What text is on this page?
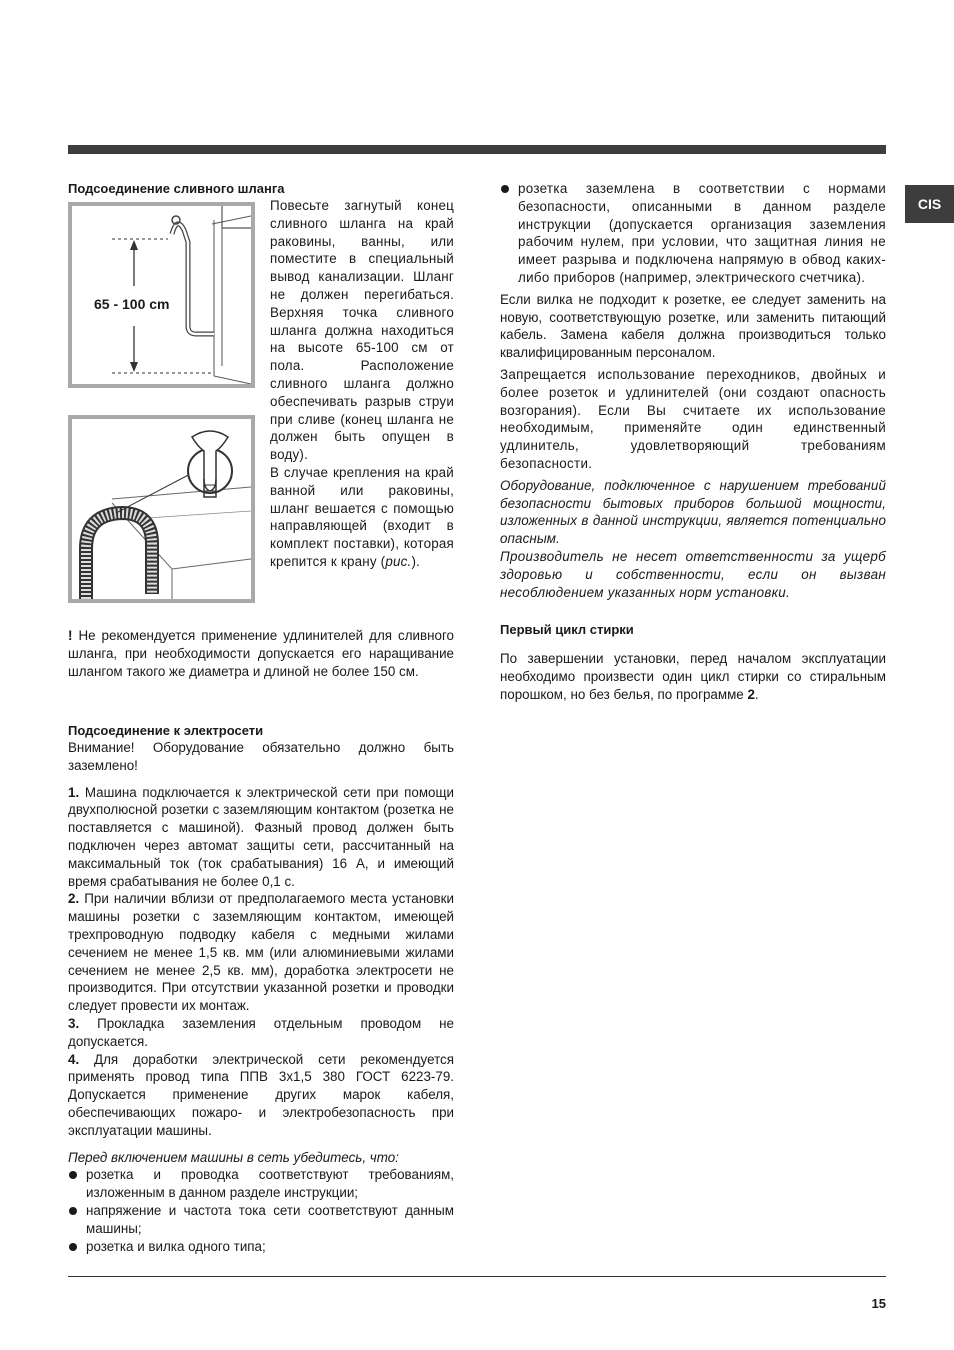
CIS

Подсоединение сливного шланга

65 - 100 cm

Повесьте загнутый конец сливного шланга на край раковины, ванны, или поместите в специальный вывод канализации. Шланг не должен перегибаться. Верхняя точка сливного шланга должна находиться на высоте 65-100 см от пола. Расположение сливного шланга должно обеспечивать разрыв струи при сливе (конец шланга не должен быть опущен в воду).

В случае крепления на край ванной или раковины, шланг вешается с помощью направляющей (входит в комплект поставки), которая крепится к крану (рис.).

! Не рекомендуется применение удлинителей для сливного шланга, при необходимости допускается его наращивание шлангом такого же диаметра и длиной не более 150 см.

Подсоединение к электросети

Внимание! Оборудование обязательно должно быть заземлено!

1. Машина подключается к электрической сети при помощи двухполюсной розетки с заземляющим контактом (розетка не поставляется с машиной). Фазный провод должен быть подключен через автомат защиты сети, рассчитанный на максимальный ток (ток срабатывания) 16 А, и имеющий время срабатывания не более 0,1 с.

2. При наличии вблизи от предполагаемого места установки машины розетки с заземляющим контактом, имеющей трехпроводную подводку кабеля с медными жилами сечением не менее 1,5 кв. мм (или алюминиевыми жилами сечением не менее 2,5 кв. мм), доработка электросети не производится. При отсутствии указанной розетки и проводки следует провести их монтаж.

3. Прокладка заземления отдельным проводом не допускается.

4. Для доработки электрической сети рекомендуется применять провод типа ППВ 3х1,5 380 ГОСТ 6223-79. Допускается применение других марок кабеля, обеспечивающих пожаро- и электробезопасность при эксплуатации машины.

Перед включением машины в сеть убедитесь, что:

розетка и проводка соответствуют требованиям, изложенным в данном разделе инструкции;

напряжение и частота тока сети соответствуют данным машины;

розетка и вилка одного типа;

розетка заземлена в соответствии с нормами безопасности, описанными в данном разделе инструкции (допускается организация заземления рабочим нулем, при условии, что защитная линия не имеет разрыва и подключена напрямую в обвод каких-либо приборов (например, электрического счетчика).

Если вилка не подходит к розетке, ее следует заменить на новую, соответствующую розетке, или заменить питающий кабель. Замена кабеля должна производиться только квалифицированным персоналом.

Запрещается использование переходников, двойных и более розеток и удлинителей (они создают опасность возгорания). Если Вы считаете их использование необходимым, применяйте один единственный удлинитель, удовлетворяющий требованиям безопасности.

Оборудование, подключенное с нарушением требований безопасности бытовых приборов большой мощности, изложенных в данной инструкции, является потенциально опасным.

Производитель не несет ответственности за ущерб здоровью и собственности, если он вызван несоблюдением указанных норм установки.

Первый цикл стирки

По завершении установки, перед началом эксплуатации необходимо произвести один цикл стирки со стиральным порошком, но без белья, по программе 2.

15
